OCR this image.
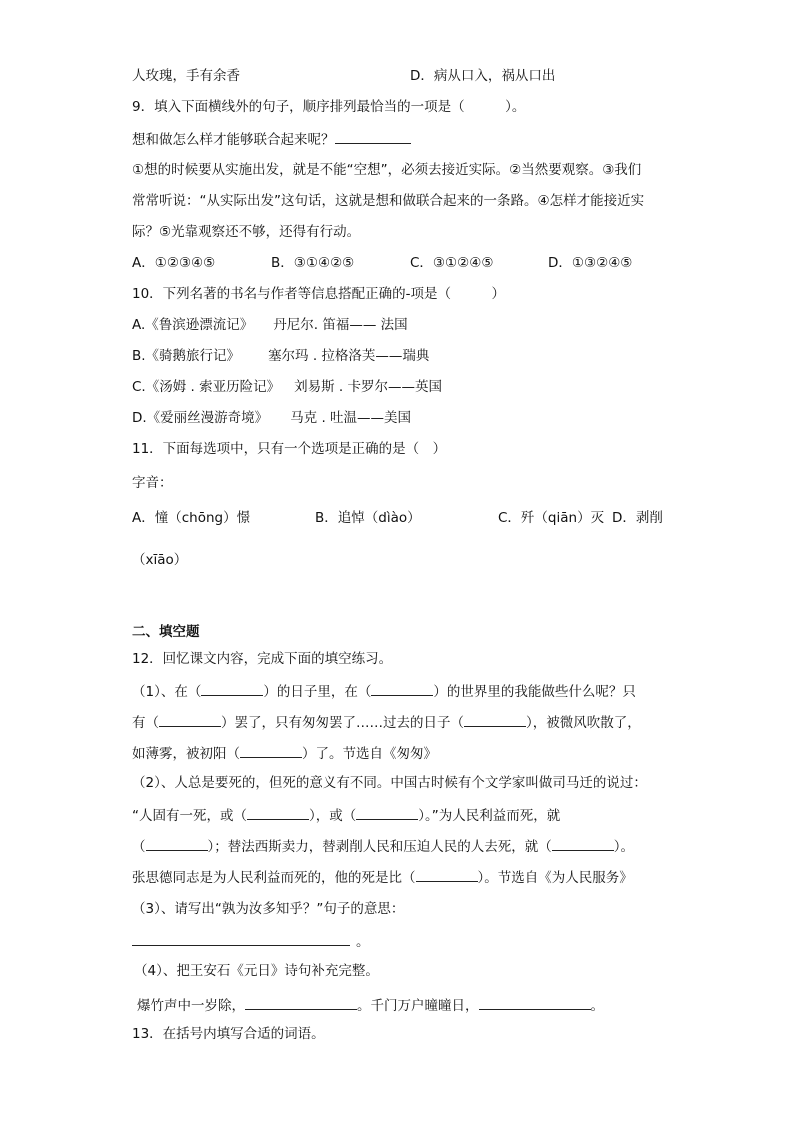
人玫瑰，手有余香	D．病从口入，祸从口出
9．填入下面横线外的句子，顺序排列最恰当的一项是（　　　）。
想和做怎么样才能够联合起来呢？
①想的时候要从实施出发，就是不能“空想”，必须去接近实际。②当然要观察。③我们
常常听说：“从实际出发”这句话，这就是想和做联合起来的一条路。④怎样才能接近实
际？⑤光靠观察还不够，还得有行动。
A．①②③④⑤	B．③①④②⑤	C．③①②④⑤	D．①③②④⑤
10．下列名著的书名与作者等信息搭配正确的-项是（　　　）
A.《鲁滨逊漂流记》 丹尼尔. 笛福—— 法国
B.《骑鹅旅行记》 塞尔玛 . 拉格洛芙——瑞典
C.《汤姆 . 索亚历险记》 刘易斯 . 卡罗尔——英国
D.《爱丽丝漫游奇境》 马克 . 吐温——美国
11．下面每选项中，只有一个选项是正确的是（　）
字音：
A．憧（chōng）憬	B．追悼（dìào）	C．歼（qiān）灭 D．剥削
（xīāo）
二、填空题
12．回忆课文内容，完成下面的填空练习。
（1）、在（	）的日子里，在（	）的世界里的我能做些什么呢？只
有（	）罢了，只有匆匆罢了……过去的日子（	），被微风吹散了，
如薄雾，被初阳（	）了。节选自《匆匆》
（2）、人总是要死的，但死的意义有不同。中国古时候有个文学家叫做司马迁的说过：
“人固有一死，或（	），或（	）。”为人民利益而死，就
（	）；替法西斯卖力，替剥削人民和压迫人民的人去死，就（	）。
张思德同志是为人民利益而死的，他的死是比（	）。节选自《为人民服务》
（3）、请写出“孰为汝多知乎？”句子的意思：
。
（4）、把王安石《元日》诗句补充完整。
爆竹声中一岁除，	。千门万户曈曈日，	。
13．在括号内填写合适的词语。
